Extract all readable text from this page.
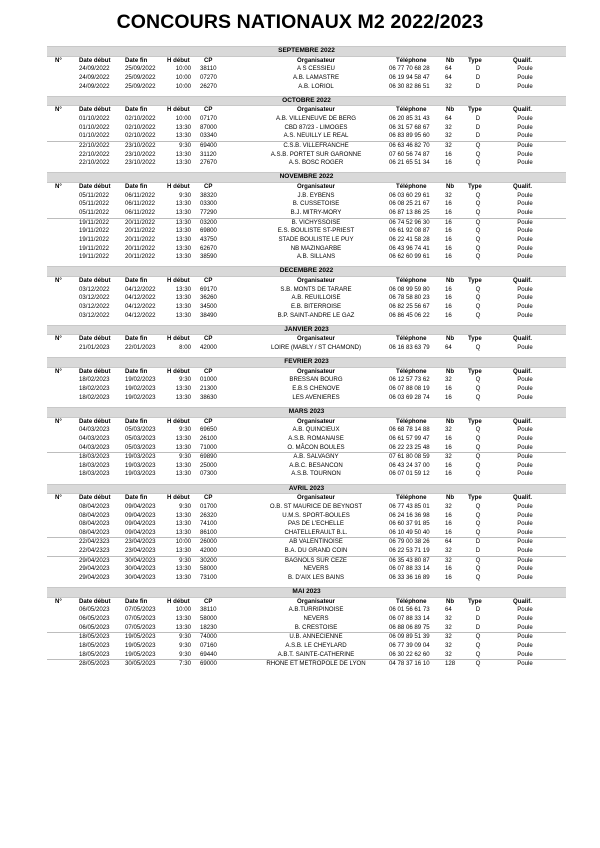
CONCOURS NATIONAUX M2 2022/2023
SEPTEMBRE 2022
N°	Date début Date fin	H début CP	Organisateur	Téléphone	Nb Type	Qualif.
24/09/2022	25/09/2022	10:00 38110	A S CESSIEU	06 77 70 68 28	64	D	Poule
24/09/2022	25/09/2022	10:00 07270	A.B. LAMASTRE	06 19 94 58 47	64	D	Poule
24/09/2022	25/09/2022	10:00 26270	A.B. LORIOL	06 30 82 86 51	32	D	Poule
OCTOBRE 2022
N°	Date début Date fin	H début CP	Organisateur	Téléphone	Nb Type	Qualif.
01/10/2022	02/10/2022	10:00 07170	A.B. VILLENEUVE DE BERG	06 20 85 31 43	64	D	Poule
01/10/2022	02/10/2022	13:30 87000	CBD 87/23 - LIMOGES	06 31 57 68 67	32	D	Poule
01/10/2022	02/10/2022	13:30 03340	A.S. NEUILLY LE REAL	06 83 89 95 60	32	D	Poule
22/10/2022	23/10/2022	9:30 69400	C.S.B. VILLEFRANCHE	06 63 46 82 70	32	Q	Poule
22/10/2022	23/10/2022	13:30 31120	A.S.B. PORTET SUR GARONNE	07 60 56 74 87	16	Q	Poule
22/10/2022	23/10/2022	13:30 27670	A.S. BOSC ROGER	06 21 65 51 34	16	Q	Poule
NOVEMBRE 2022
N°	Date début Date fin	H début CP	Organisateur	Téléphone	Nb Type	Qualif.
05/11/2022	06/11/2022	9:30 38320	J.B. EYBENS	06 03 60 29 61	32	Q	Poule
05/11/2022	06/11/2022	13:30 03300	B. CUSSETOISE	06 08 25 21 67	16	Q	Poule
05/11/2022	06/11/2022	13:30 77290	B.J. MITRY-MORY	06 87 13 86 25	16	Q	Poule
19/11/2022	20/11/2022	13:30 03200	B. VICHYSSOISE	06 74 52 96 30	16	Q	Poule
19/11/2022	20/11/2022	13:30 69800	E.S. BOULISTE ST-PRIEST	06 61 92 08 87	16	Q	Poule
19/11/2022	20/11/2022	13:30 43750	STADE BOULISTE LE PUY	06 22 41 58 28	16	Q	Poule
19/11/2022	20/11/2022	13:30 62670	NB MAZINGARBE	06 43 96 74 41	16	Q	Poule
19/11/2022	20/11/2022	13:30 38590	A.B. SILLANS	06 62 60 99 61	16	Q	Poule
DECEMBRE 2022
N°	Date début Date fin	H début CP	Organisateur	Téléphone	Nb Type	Qualif.
03/12/2022	04/12/2022	13:30 69170	S.B. MONTS DE TARARE	06 08 99 59 80	16	Q	Poule
03/12/2022	04/12/2022	13:30 36260	A.B. REUILLOISE	06 78 58 80 23	16	Q	Poule
03/12/2022	04/12/2022	13:30 34500	E.B. BITERROISE	06 82 25 56 67	16	Q	Poule
03/12/2022	04/12/2022	13:30 38490	B.P. SAINT-ANDRE LE GAZ	06 86 45 06 22	16	Q	Poule
JANVIER 2023
N°	Date début Date fin	H début CP	Organisateur	Téléphone	Nb Type	Qualif.
21/01/2023	22/01/2023	8:00 42000	LOIRE (MABLY / ST CHAMOND)	06 16 83 63 79	64	Q	Poule
FEVRIER 2023
N°	Date début Date fin	H début CP	Organisateur	Téléphone	Nb Type	Qualif.
18/02/2023	19/02/2023	9:30 01000	BRESSAN BOURG	06 12 57 73 62	32	Q	Poule
18/02/2023	19/02/2023	13:30 21300	E.B.S CHENOVE	06 07 88 08 19	16	Q	Poule
18/02/2023	19/02/2023	13:30 38630	LES AVENIERES	06 03 69 28 74	16	Q	Poule
MARS 2023
N°	Date début Date fin	H début CP	Organisateur	Téléphone	Nb Type	Qualif.
04/03/2023	05/03/2023	9:30 69650	A.B. QUINCIEUX	06 68 78 14 88	32	Q	Poule
04/03/2023	05/03/2023	13:30 26100	A.S.B. ROMANAISE	06 61 57 99 47	16	Q	Poule
04/03/2023	05/03/2023	13:30 71000	O. MÂCON BOULES	06 22 23 25 48	16	Q	Poule
18/03/2023	19/03/2023	9:30 69890	A.B. SALVAGNY	07 61 80 08 59	32	Q	Poule
18/03/2023	19/03/2023	13:30 25000	A.B.C. BESANCON	06 43 24 37 00	16	Q	Poule
18/03/2023	19/03/2023	13:30 07300	A.S.B. TOURNON	06 07 01 59 12	16	Q	Poule
AVRIL 2023
N°	Date début Date fin	H début CP	Organisateur	Téléphone	Nb Type	Qualif.
08/04/2023	09/04/2023	9:30 01700	O.B. ST MAURICE DE BEYNOST	06 77 43 85 01	32	Q	Poule
08/04/2023	09/04/2023	13:30 26320	U.M.S. SPORT-BOULES	06 24 16 36 98	16	Q	Poule
08/04/2023	09/04/2023	13:30 74100	PAS DE L'ECHELLE	06 60 37 91 85	16	Q	Poule
08/04/2023	09/04/2023	13:30 86100	CHATELLERAULT B.L.	06 10 49 50 40	16	Q	Poule
22/04/2323	23/04/2023	10:00 26000	AB VALENTINOISE	06 79 00 38 26	64	D	Poule
22/04/2323	23/04/2023	13:30 42000	B.A. DU GRAND COIN	06 22 53 71 19	32	D	Poule
29/04/2023	30/04/2023	9:30 30200	BAGNOLS SUR CEZE	06 35 43 80 87	32	Q	Poule
29/04/2023	30/04/2023	13:30 58000	NEVERS	06 07 88 33 14	16	Q	Poule
29/04/2023	30/04/2023	13:30 73100	B. D'AIX LES BAINS	06 33 36 16 89	16	Q	Poule
MAI 2023
N°	Date début Date fin	H début CP	Organisateur	Téléphone	Nb Type	Qualif.
06/05/2023	07/05/2023	10:00 38110	A.B.TURRIPINOISE	06 01 56 61 73	64	D	Poule
06/05/2023	07/05/2023	13:30 58000	NEVERS	06 07 88 33 14	32	D	Poule
06/05/2023	07/05/2023	13:30 18230	B. CRESTOISE	06 88 06 89 75	32	D	Poule
18/05/2023	19/05/2023	9:30 74000	U.B. ANNECIENNE	06 09 89 51 39	32	Q	Poule
18/05/2023	19/05/2023	9:30 07160	A.S.B. LE CHEYLARD	06 77 39 09 04	32	Q	Poule
18/05/2023	19/05/2023	9:30 69440	A.B.T. SAINTE-CATHERINE	06 30 22 62 60	32	Q	Poule
28/05/2023	30/05/2023	7:30 69000	RHONE ET METROPOLE DE LYON	04 78 37 16 10	128	Q	Poule
